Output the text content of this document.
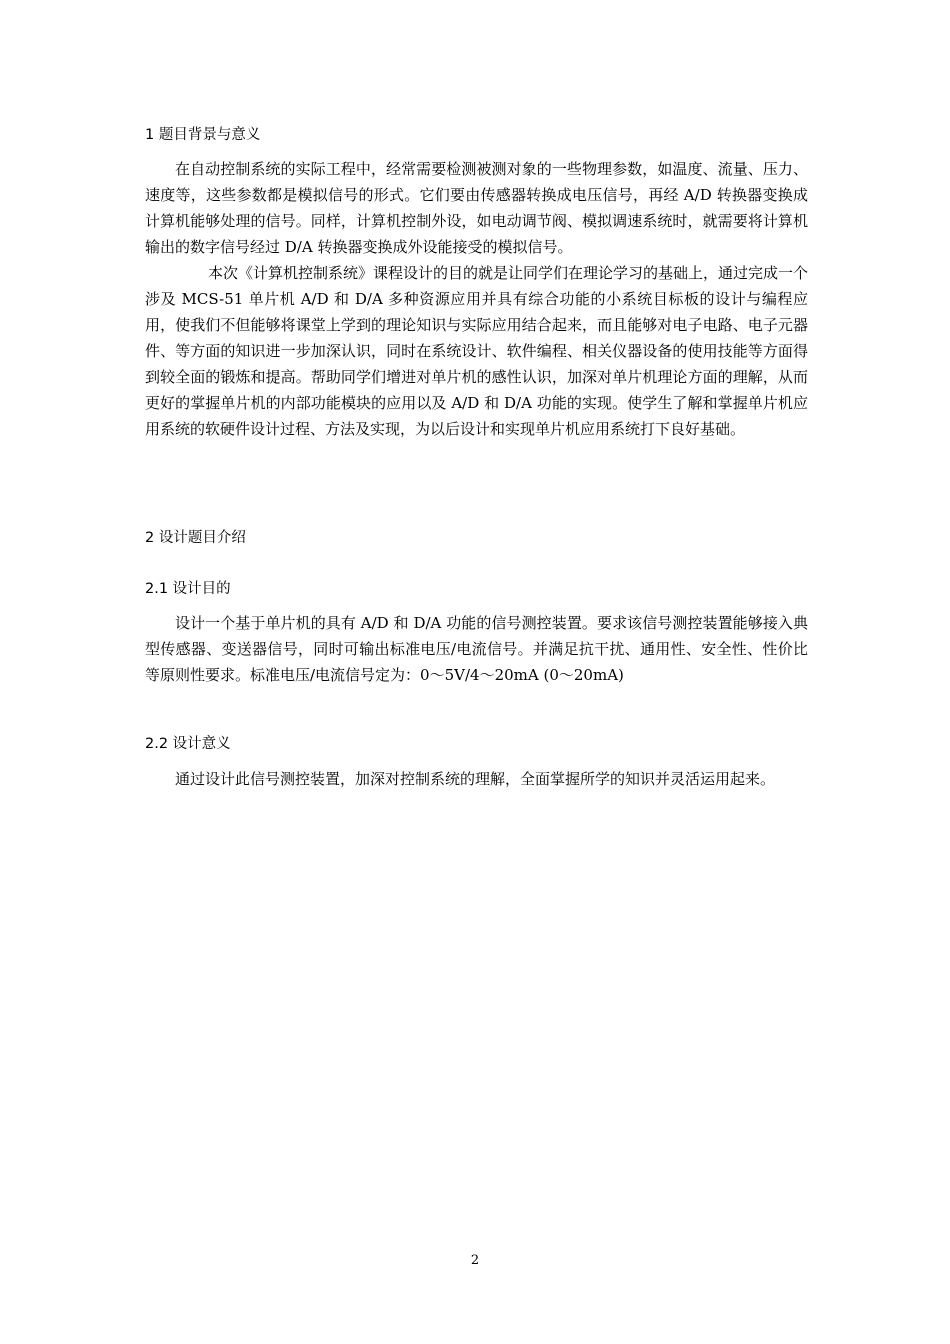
1 题目背景与意义
在自动控制系统的实际工程中，经常需要检测被测对象的一些物理参数，如温度、流量、压力、速度等，这些参数都是模拟信号的形式。它们要由传感器转换成电压信号，再经 A/D 转换器变换成计算机能够处理的信号。同样，计算机控制外设，如电动调节阀、模拟调速系统时，就需要将计算机输出的数字信号经过 D/A 转换器变换成外设能接受的模拟信号。
本次《计算机控制系统》课程设计的目的就是让同学们在理论学习的基础上，通过完成一个涉及 MCS-51 单片机 A/D 和 D/A 多种资源应用并具有综合功能的小系统目标板的设计与编程应用，使我们不但能够将课堂上学到的理论知识与实际应用结合起来，而且能够对电子电路、电子元器件、等方面的知识进一步加深认识，同时在系统设计、软件编程、相关仪器设备的使用技能等方面得到较全面的锻炼和提高。帮助同学们增进对单片机的感性认识，加深对单片机理论方面的理解，从而更好的掌握单片机的内部功能模块的应用以及 A/D 和 D/A 功能的实现。使学生了解和掌握单片机应用系统的软硬件设计过程、方法及实现，为以后设计和实现单片机应用系统打下良好基础。
2 设计题目介绍
2.1 设计目的
设计一个基于单片机的具有 A/D 和 D/A 功能的信号测控装置。要求该信号测控装置能够接入典型传感器、变送器信号，同时可输出标准电压/电流信号。并满足抗干扰、通用性、安全性、性价比等原则性要求。标准电压/电流信号定为：0～5V/4～20mA (0～20mA)
2.2 设计意义
通过设计此信号测控装置，加深对控制系统的理解，全面掌握所学的知识并灵活运用起来。
2
